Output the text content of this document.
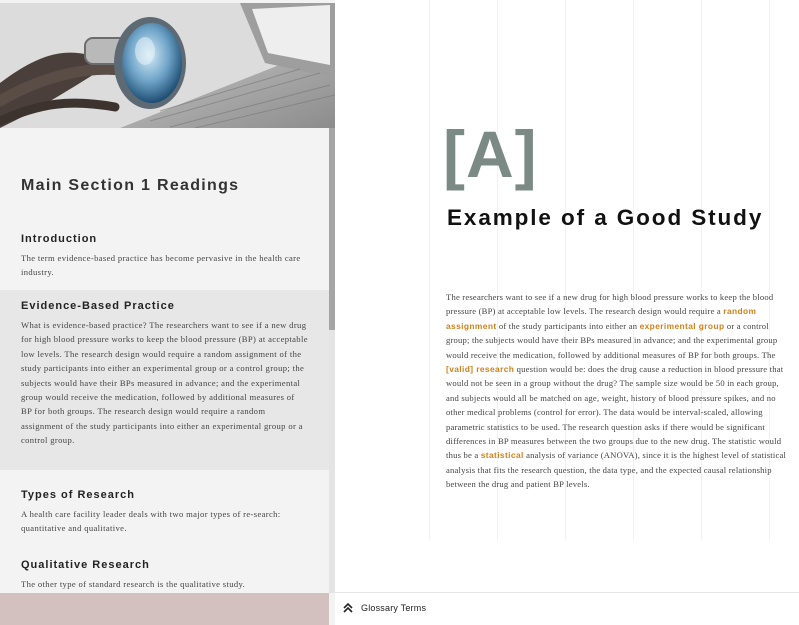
Main Section 1 Readings
Introduction
The term evidence-based practice has become pervasive in the health care industry.
Evidence-Based Practice
What is evidence-based practice? The researchers want to see if a new drug for high blood pressure works to keep the blood pressure (BP) at acceptable low levels. The research design would require a random assignment of the study participants into either an experimental group or a control group; the subjects would have their BPs measured in advance; and the experimental group would receive the medication, followed by additional measures of BP for both groups. The research design would require a random assignment of the study participants into either an experimental group or a control group.
Types of Research
A health care facility leader deals with two major types of re-search: quantitative and qualitative.
Qualitative Research
The other type of standard research is the qualitative study.
[A]
Example of a Good Study

The researchers want to see if a new drug for high blood pressure works to keep the blood pressure (BP) at acceptable low levels. The research design would require a random assignment of the study participants into either an experimental group or a control group; the subjects would have their BPs measured in advance; and the experimental group would receive the medication, followed by additional measures of BP for both groups. The [valid] research question would be: does the drug cause a reduction in blood pressure that would not be seen in a group without the drug? The sample size would be 50 in each group, and subjects would all be matched on age, weight, history of blood pressure spikes, and no other medical problems (control for error). The data would be interval-scaled, allowing parametric statistics to be used. The research question asks if there would be significant differences in BP measures between the two groups due to the new drug. The statistic would thus be a statistical analysis of variance (ANOVA), since it is the highest level of statistical analysis that fits the research question, the data type, and the expected causal relationship between the drug and patient BP levels.

Glossary Terms
